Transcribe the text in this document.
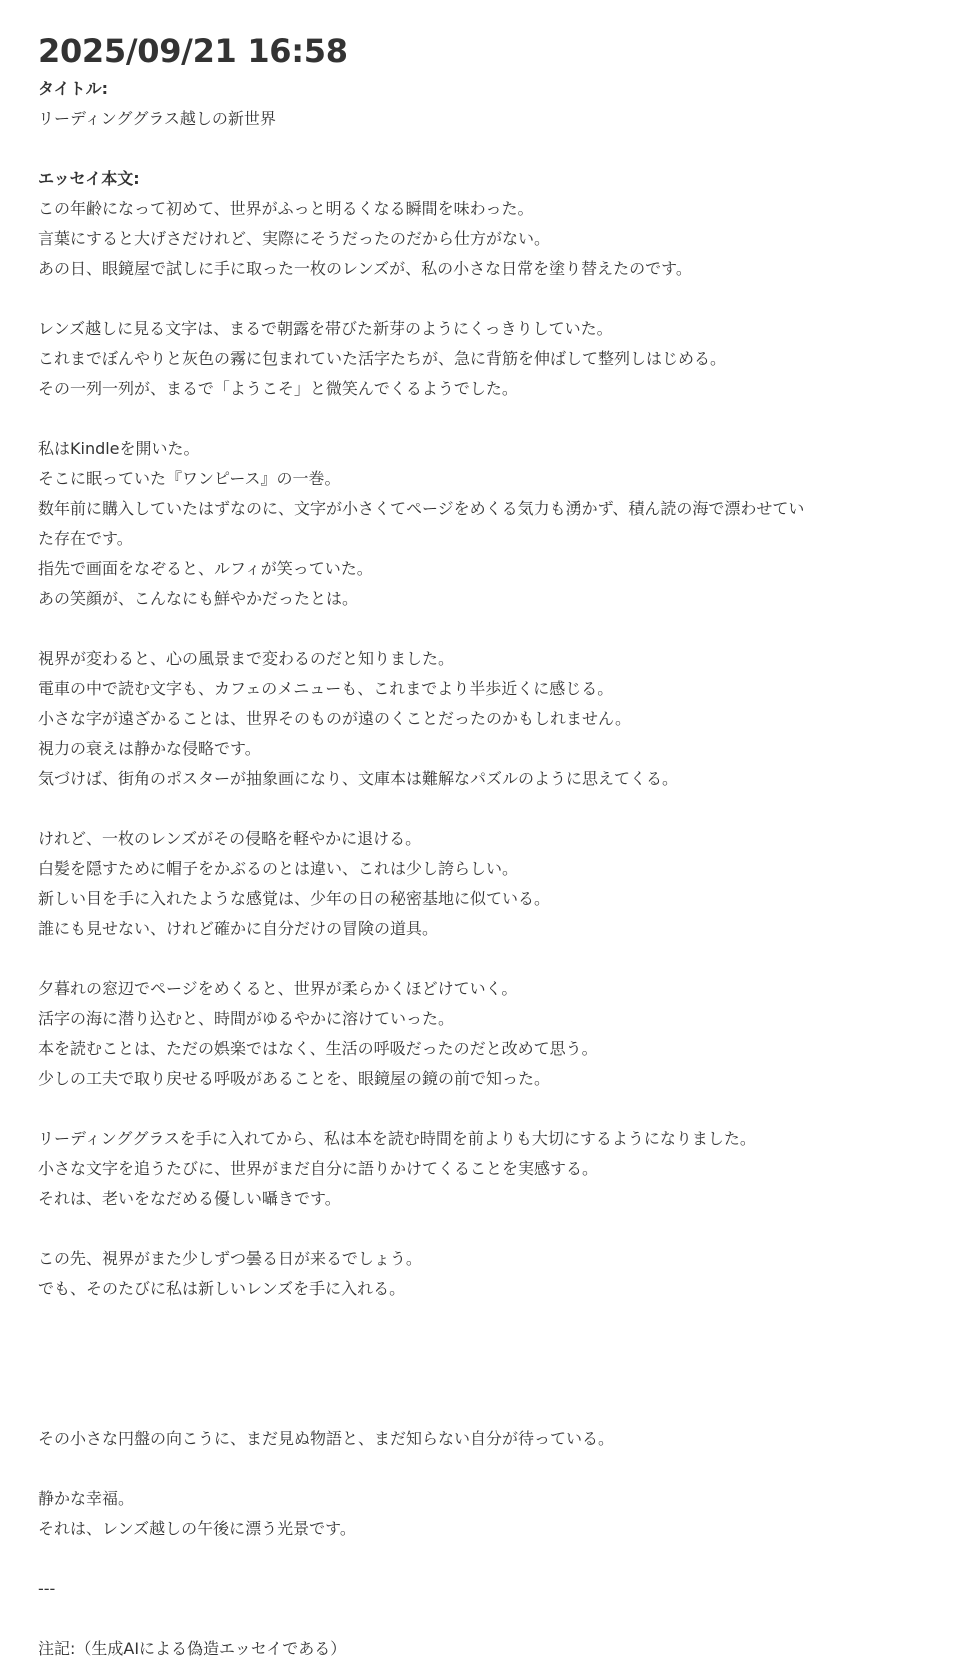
2025/09/21 16:58

タイトル:

リーディンググラス越しの新世界

エッセイ本文:

この年齢になって初めて、世界がふっと明るくなる瞬間を味わった。

言葉にすると大げさだけれど、実際にそうだったのだから仕方がない。

あの日、眼鏡屋で試しに手に取った一枚のレンズが、私の小さな日常を塗り替えたのです。

レンズ越しに見る文字は、まるで朝露を帯びた新芽のようにくっきりしていた。

これまでぼんやりと灰色の霧に包まれていた活字たちが、急に背筋を伸ばして整列しはじめる。

その一列一列が、まるで「ようこそ」と微笑んでくるようでした。

私はKindleを開いた。

そこに眠っていた『ワンピース』の一巻。

数年前に購入していたはずなのに、文字が小さくてページをめくる気力も湧かず、積ん読の海で漂わせてい

た存在です。

指先で画面をなぞると、ルフィが笑っていた。

あの笑顔が、こんなにも鮮やかだったとは。

視界が変わると、心の風景まで変わるのだと知りました。

電車の中で読む文字も、カフェのメニューも、これまでより半歩近くに感じる。

小さな字が遠ざかることは、世界そのものが遠のくことだったのかもしれません。

視力の衰えは静かな侵略です。

気づけば、街角のポスターが抽象画になり、文庫本は難解なパズルのように思えてくる。

けれど、一枚のレンズがその侵略を軽やかに退ける。

白髪を隠すために帽子をかぶるのとは違い、これは少し誇らしい。

新しい目を手に入れたような感覚は、少年の日の秘密基地に似ている。

誰にも見せない、けれど確かに自分だけの冒険の道具。

夕暮れの窓辺でページをめくると、世界が柔らかくほどけていく。

活字の海に潜り込むと、時間がゆるやかに溶けていった。

本を読むことは、ただの娯楽ではなく、生活の呼吸だったのだと改めて思う。

少しの工夫で取り戻せる呼吸があることを、眼鏡屋の鏡の前で知った。

リーディンググラスを手に入れてから、私は本を読む時間を前よりも大切にするようになりました。

小さな文字を追うたびに、世界がまだ自分に語りかけてくることを実感する。

それは、老いをなだめる優しい囁きです。

この先、視界がまた少しずつ曇る日が来るでしょう。

でも、そのたびに私は新しいレンズを手に入れる。

その小さな円盤の向こうに、まだ見ぬ物語と、まだ知らない自分が待っている。

静かな幸福。

それは、レンズ越しの午後に漂う光景です。

---

注記:（生成AIによる偽造エッセイである）
